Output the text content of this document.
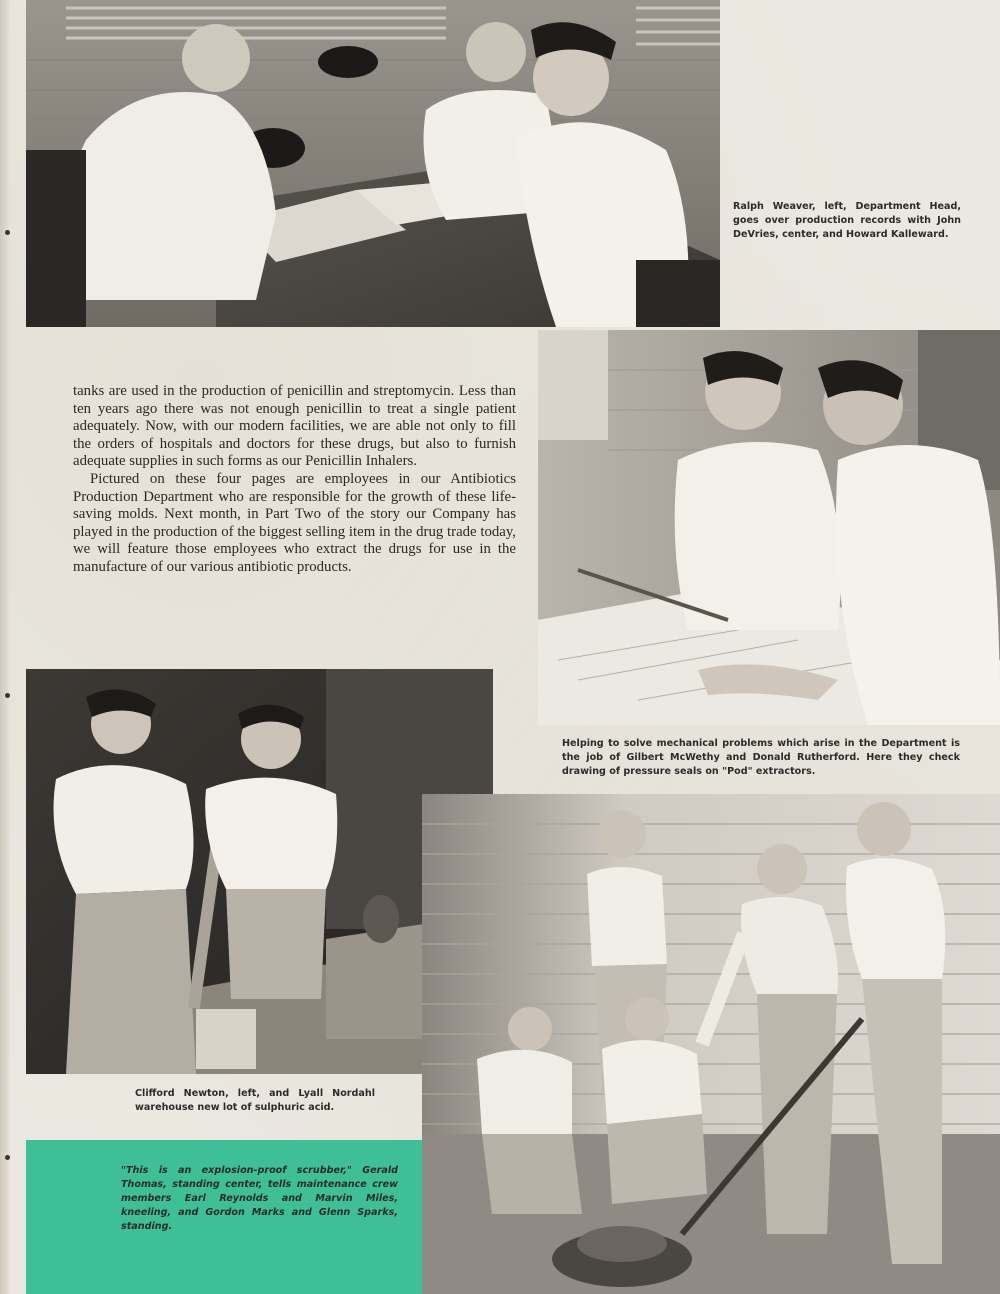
Ralph Weaver, left, Department Head, goes over production records with John DeVries, center, and Howard Kalleward.

Helping to solve mechanical problems which arise in the Department is the job of Gilbert McWethy and Donald Rutherford. Here they check drawing of pressure seals on "Pod" extractors.

tanks are used in the production of penicillin and streptomycin. Less than ten years ago there was not enough penicillin to treat a single patient adequately. Now, with our modern facilities, we are able not only to fill the orders of hospitals and doctors for these drugs, but also to furnish adequate supplies in such forms as our Penicillin Inhalers.

Pictured on these four pages are employees in our Antibiotics Production Department who are responsible for the growth of these life-saving molds. Next month, in Part Two of the story our Company has played in the production of the biggest selling item in the drug trade today, we will feature those employees who extract the drugs for use in the manufacture of our various antibiotic products.

Clifford Newton, left, and Lyall Nordahl warehouse new lot of sulphuric acid.

"This is an explosion-proof scrubber," Gerald Thomas, standing center, tells maintenance crew members Earl Reynolds and Marvin Miles, kneeling, and Gordon Marks and Glenn Sparks, standing.
